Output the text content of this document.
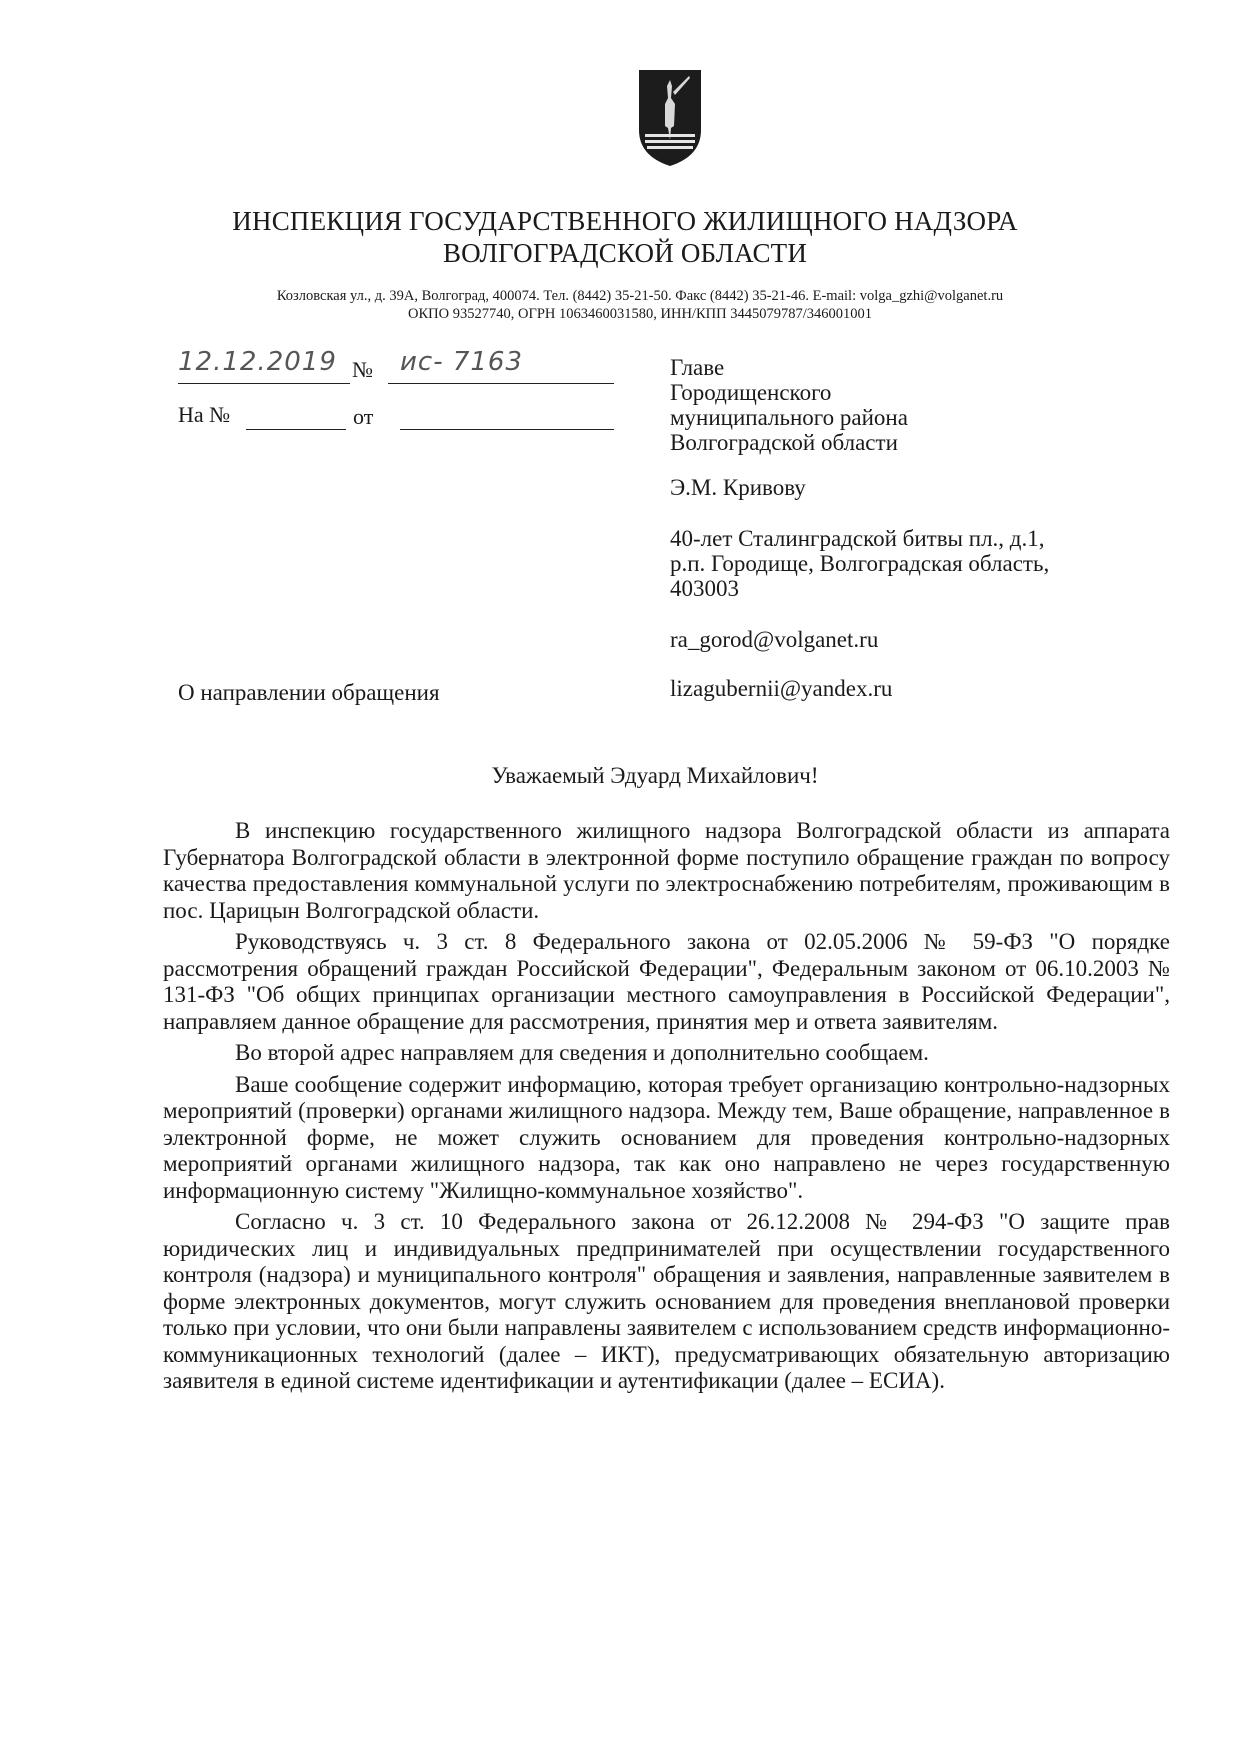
ИНСПЕКЦИЯ ГОСУДАРСТВЕННОГО ЖИЛИЩНОГО НАДЗОРА
ВОЛГОГРАДСКОЙ ОБЛАСТИ
Козловская ул., д. 39А, Волгоград, 400074. Тел. (8442) 35-21-50. Факс (8442) 35-21-46. E-mail: volga_gzhi@volganet.ru
ОКПО 93527740, ОГРН 1063460031580, ИНН/КПП 3445079787/346001001
12.12.2019 № ис- 7163
На №	от
Главе
Городищенского
муниципального района
Волгоградской области
Э.М. Кривову
40-лет Сталинградской битвы пл., д.1,
р.п. Городище, Волгоградская область,
403003
ra_gorod@volganet.ru
lizagubernii@yandex.ru
О направлении обращения
Уважаемый Эдуард Михайлович!

В инспекцию государственного жилищного надзора Волгоградской области из аппарата Губернатора Волгоградской области в электронной форме поступило обращение граждан по вопросу качества предоставления коммунальной услуги по электроснабжению потребителям, проживающим в пос. Царицын Волгоградской области.

Руководствуясь ч. 3 ст. 8 Федерального закона от 02.05.2006 № 59-ФЗ "О порядке рассмотрения обращений граждан Российской Федерации", Федеральным законом от 06.10.2003 № 131-ФЗ "Об общих принципах организации местного самоуправления в Российской Федерации", направляем данное обращение для рассмотрения, принятия мер и ответа заявителям.

Во второй адрес направляем для сведения и дополнительно сообщаем.

Ваше сообщение содержит информацию, которая требует организацию контрольно-надзорных мероприятий (проверки) органами жилищного надзора. Между тем, Ваше обращение, направленное в электронной форме, не может служить основанием для проведения контрольно-надзорных мероприятий органами жилищного надзора, так как оно направлено не через государственную информационную систему "Жилищно-коммунальное хозяйство".

Согласно ч. 3 ст. 10 Федерального закона от 26.12.2008 № 294-ФЗ "О защите прав юридических лиц и индивидуальных предпринимателей при осуществлении государственного контроля (надзора) и муниципального контроля" обращения и заявления, направленные заявителем в форме электронных документов, могут служить основанием для проведения внеплановой проверки только при условии, что они были направлены заявителем с использованием средств информационно-коммуникационных технологий (далее – ИКТ), предусматривающих обязательную авторизацию заявителя в единой системе идентификации и аутентификации (далее – ЕСИА).
